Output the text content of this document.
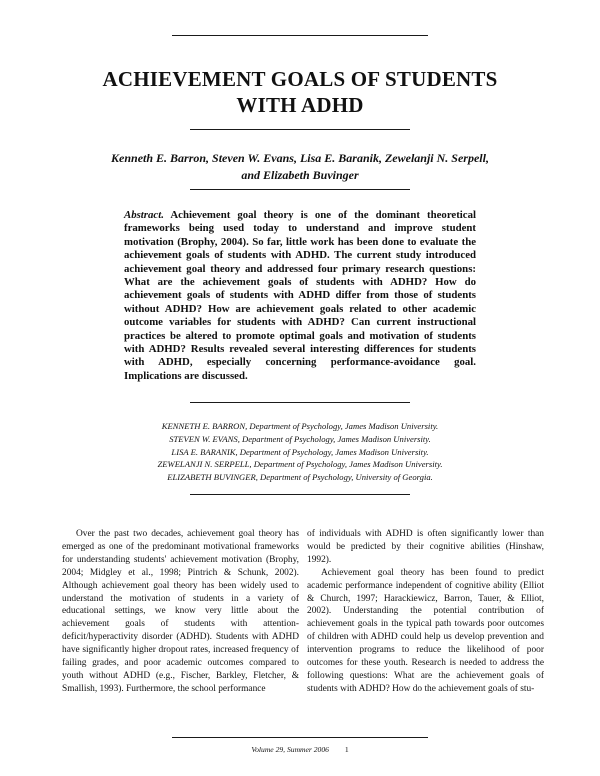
ACHIEVEMENT GOALS OF STUDENTS
WITH ADHD
Kenneth E. Barron, Steven W. Evans, Lisa E. Baranik, Zewelanji N. Serpell,
and Elizabeth Buvinger
Abstract. Achievement goal theory is one of the dominant theoretical frameworks being used today to understand and improve student motivation (Brophy, 2004). So far, little work has been done to evaluate the achievement goals of students with ADHD. The current study introduced achievement goal theory and addressed four primary research questions: What are the achievement goals of students with ADHD? How do achievement goals of students with ADHD differ from those of students without ADHD? How are achievement goals related to other academic outcome variables for students with ADHD? Can current instructional practices be altered to promote optimal goals and motivation of students with ADHD? Results revealed several interesting differences for students with ADHD, especially concerning performance-avoidance goal. Implications are discussed.
KENNETH E. BARRON, Department of Psychology, James Madison University.
STEVEN W. EVANS, Department of Psychology, James Madison University.
LISA E. BARANIK, Department of Psychology, James Madison University.
ZEWELANJI N. SERPELL, Department of Psychology, James Madison University.
ELIZABETH BUVINGER, Department of Psychology, University of Georgia.

Over the past two decades, achievement goal theory has emerged as one of the predominant motivational frameworks for understanding students' achievement motivation (Brophy, 2004; Midgley et al., 1998; Pintrich & Schunk, 2002). Although achievement goal theory has been widely used to understand the motivation of students in a variety of educational settings, we know very little about the achievement goals of students with attention-deficit/hyperactivity disorder (ADHD). Students with ADHD have significantly higher dropout rates, increased frequency of failing grades, and poor academic outcomes compared to youth without ADHD (e.g., Fischer, Barkley, Fletcher, & Smallish, 1993). Furthermore, the school performance

of individuals with ADHD is often significantly lower than would be predicted by their cognitive abilities (Hinshaw, 1992).

Achievement goal theory has been found to predict academic performance independent of cognitive ability (Elliot & Church, 1997; Harackiewicz, Barron, Tauer, & Elliot, 2002). Understanding the potential contribution of achievement goals in the typical path towards poor outcomes of children with ADHD could help us develop prevention and intervention programs to reduce the likelihood of poor outcomes for these youth. Research is needed to address the following questions: What are the achievement goals of students with ADHD? How do the achievement goals of stu-

Volume 29, Summer 2006 1
